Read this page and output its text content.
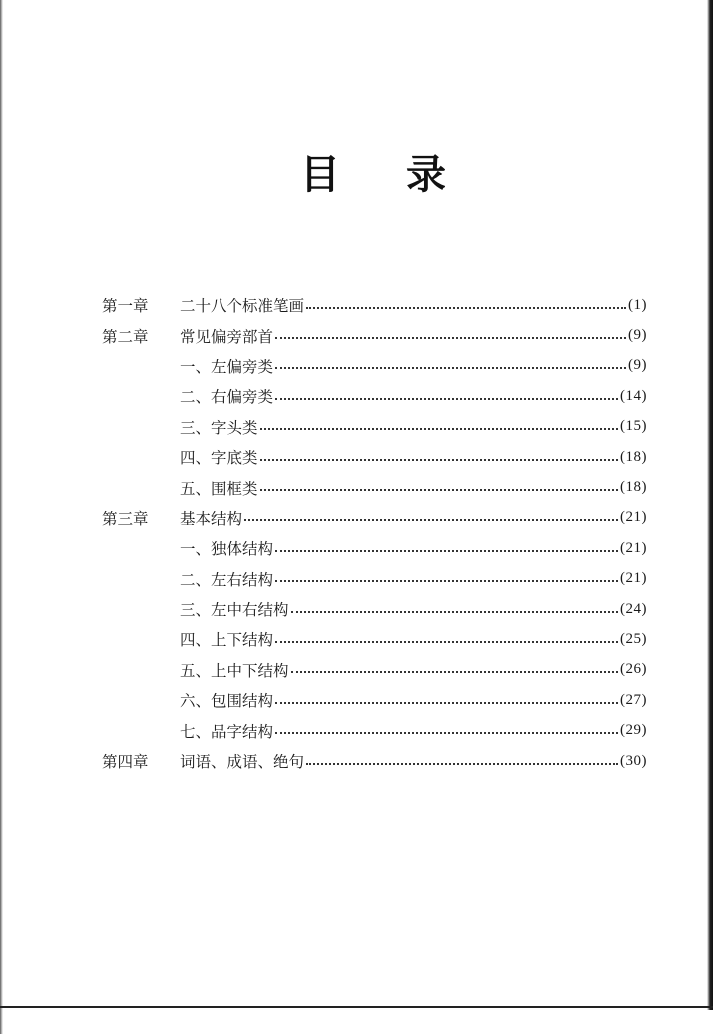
目 录
第一章	二十八个标准笔画	(1)
第二章	常见偏旁部首	(9)
一、左偏旁类	(9)
二、右偏旁类	(14)
三、字头类	(15)
四、字底类	(18)
五、围框类	(18)
第三章	基本结构	(21)
一、独体结构	(21)
二、左右结构	(21)
三、左中右结构	(24)
四、上下结构	(25)
五、上中下结构	(26)
六、包围结构	(27)
七、品字结构	(29)
第四章	词语、成语、绝句	(30)
